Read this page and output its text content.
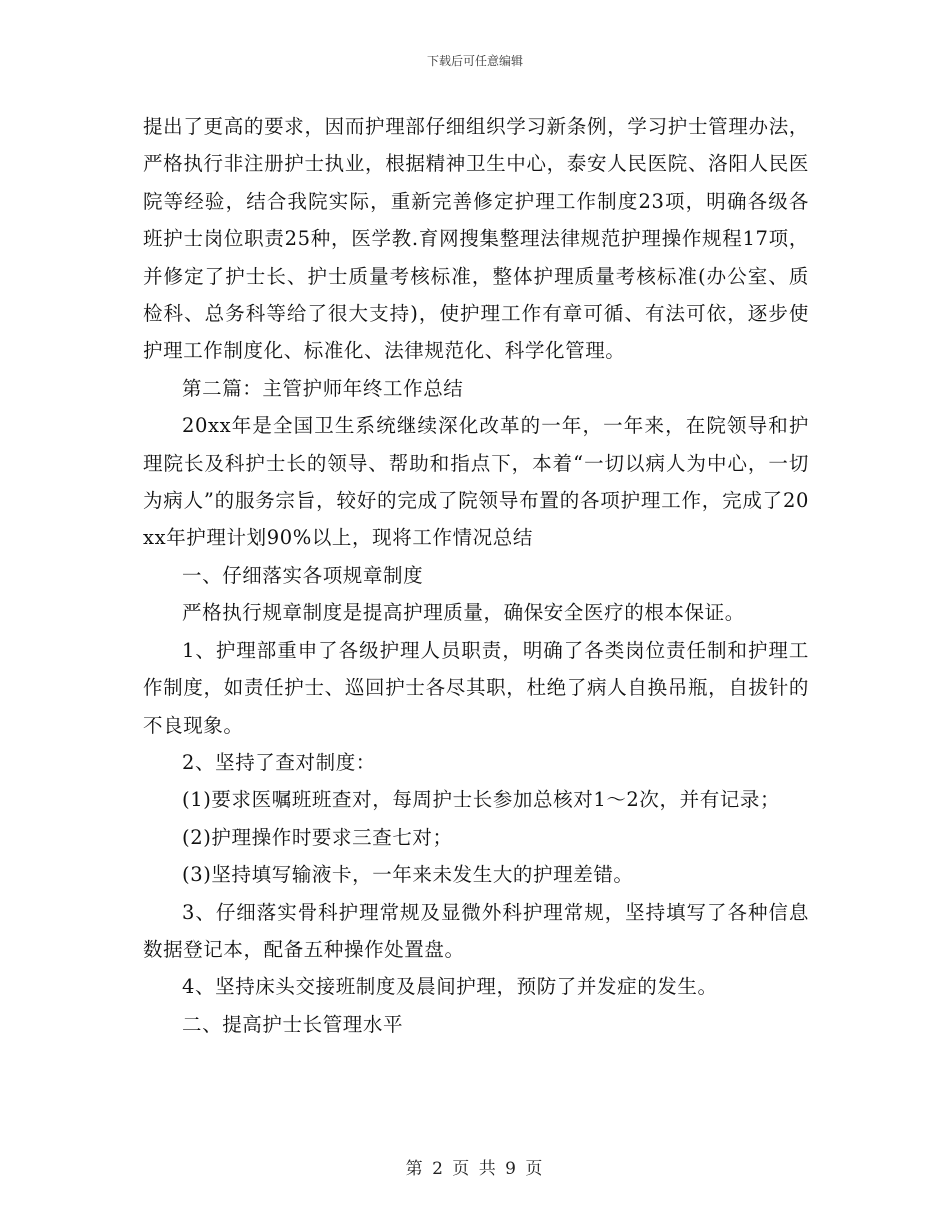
下载后可任意编辑

提出了更高的要求，因而护理部仔细组织学习新条例，学习护士管理办法，严格执行非注册护士执业，根据精神卫生中心，泰安人民医院、洛阳人民医院等经验，结合我院实际，重新完善修定护理工作制度23项，明确各级各班护士岗位职责25种，医学教.育网搜集整理法律规范护理操作规程17项，并修定了护士长、护士质量考核标准，整体护理质量考核标准(办公室、质检科、总务科等给了很大支持)，使护理工作有章可循、有法可依，逐步使护理工作制度化、标准化、法律规范化、科学化管理。

第二篇：主管护师年终工作总结

20xx年是全国卫生系统继续深化改革的一年，一年来，在院领导和护理院长及科护士长的领导、帮助和指点下，本着“一切以病人为中心，一切为病人”的服务宗旨，较好的完成了院领导布置的各项护理工作，完成了20xx年护理计划90%以上，现将工作情况总结

一、仔细落实各项规章制度

严格执行规章制度是提高护理质量，确保安全医疗的根本保证。

1、护理部重申了各级护理人员职责，明确了各类岗位责任制和护理工作制度，如责任护士、巡回护士各尽其职，杜绝了病人自换吊瓶，自拔针的不良现象。

2、坚持了查对制度：

(1)要求医嘱班班查对，每周护士长参加总核对1～2次，并有记录；

(2)护理操作时要求三查七对；

(3)坚持填写输液卡，一年来未发生大的护理差错。

3、仔细落实骨科护理常规及显微外科护理常规，坚持填写了各种信息数据登记本，配备五种操作处置盘。

4、坚持床头交接班制度及晨间护理，预防了并发症的发生。

二、提高护士长管理水平

第 2 页 共 9 页
